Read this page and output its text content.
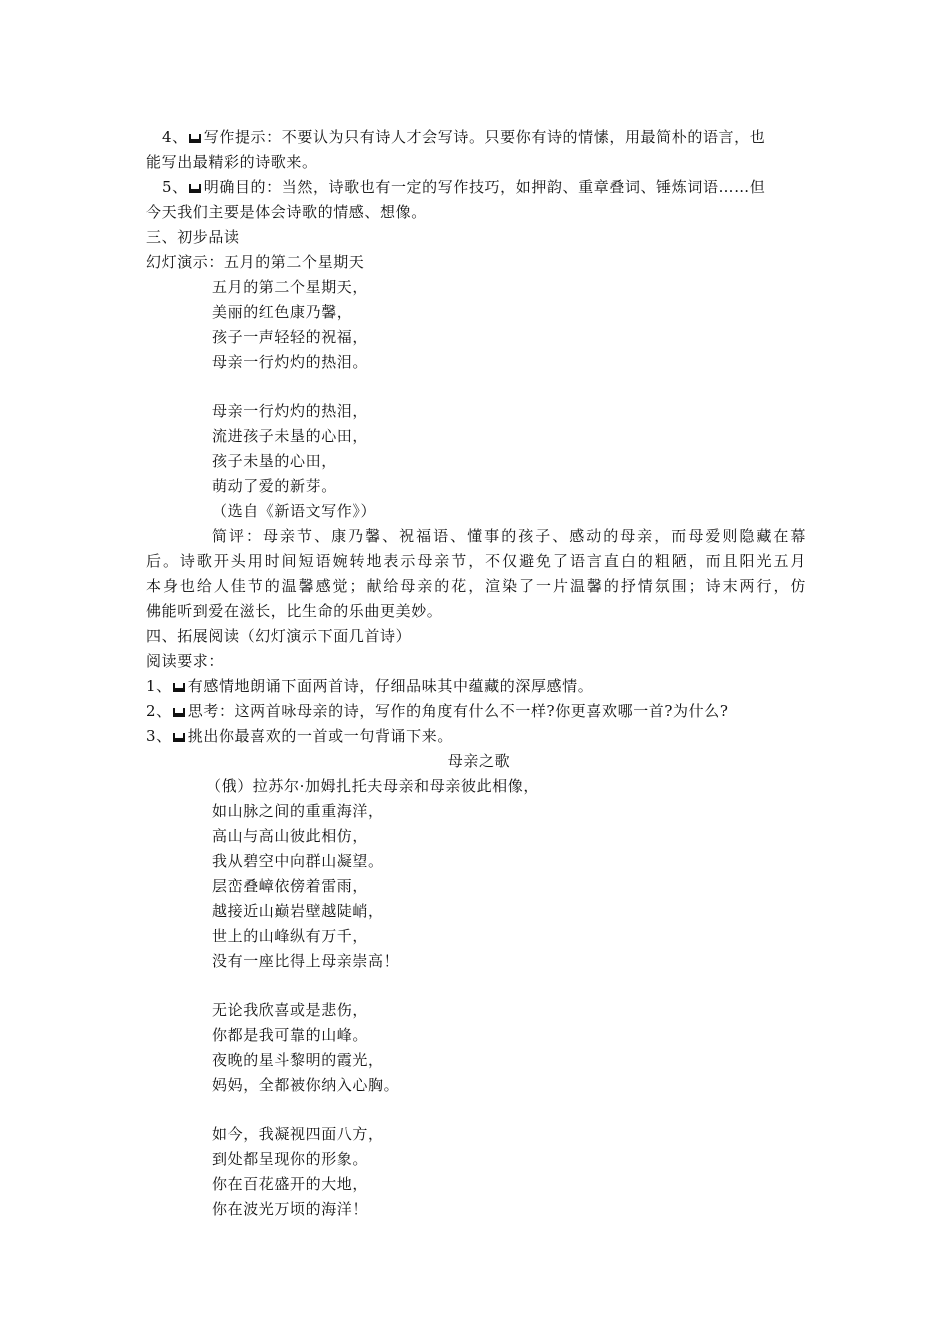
4、 写作提示：不要认为只有诗人才会写诗。只要你有诗的情愫，用最简朴的语言，也
能写出最精彩的诗歌来。
5、 明确目的：当然，诗歌也有一定的写作技巧，如押韵、重章叠词、锤炼词语……但
今天我们主要是体会诗歌的情感、想像。
三、初步品读
幻灯演示：五月的第二个星期天
五月的第二个星期天，
美丽的红色康乃馨，
孩子一声轻轻的祝福，
母亲一行灼灼的热泪。
母亲一行灼灼的热泪，
流进孩子未垦的心田，
孩子未垦的心田，
萌动了爱的新芽。
（选自《新语文写作》）
简评：母亲节、康乃馨、祝福语、懂事的孩子、感动的母亲，而母爱则隐藏在幕
后。诗歌开头用时间短语婉转地表示母亲节，不仅避免了语言直白的粗陋，而且阳光五月
本身也给人佳节的温馨感觉；献给母亲的花，渲染了一片温馨的抒情氛围；诗末两行，仿
佛能听到爱在滋长，比生命的乐曲更美妙。
四、拓展阅读（幻灯演示下面几首诗）
阅读要求：
1、 有感情地朗诵下面两首诗，仔细品味其中蕴藏的深厚感情。
2、 思考：这两首咏母亲的诗，写作的角度有什么不一样?你更喜欢哪一首?为什么?
3、 挑出你最喜欢的一首或一句背诵下来。
母亲之歌
（俄）拉苏尔·加姆扎托夫母亲和母亲彼此相像，
如山脉之间的重重海洋，
高山与高山彼此相仿，
我从碧空中向群山凝望。
层峦叠嶂依傍着雷雨，
越接近山巅岩壁越陡峭，
世上的山峰纵有万千，
没有一座比得上母亲崇高！
无论我欣喜或是悲伤，
你都是我可靠的山峰。
夜晚的星斗黎明的霞光，
妈妈，全都被你纳入心胸。
如今，我凝视四面八方，
到处都呈现你的形象。
你在百花盛开的大地，
你在波光万顷的海洋！
